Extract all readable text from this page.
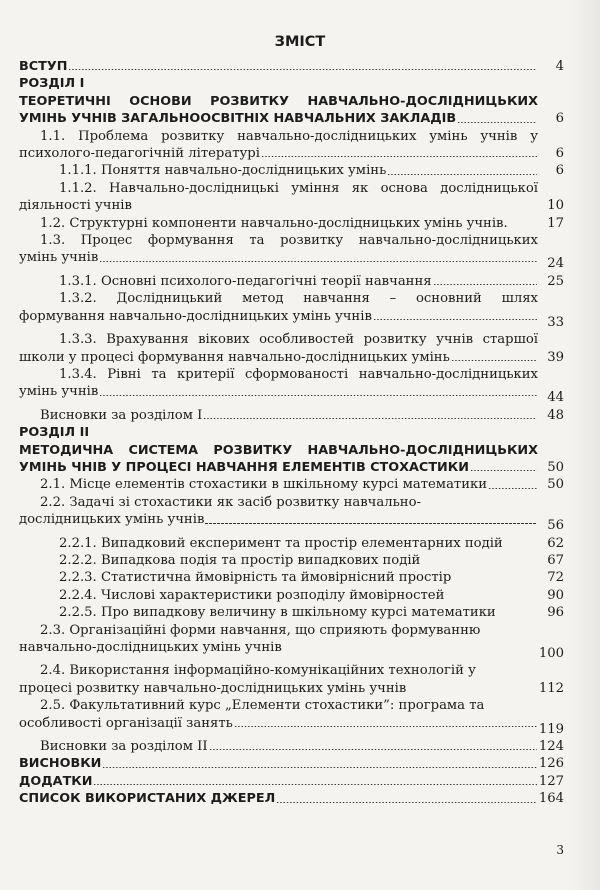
ЗМІСТ
ВСТУП	4
РОЗДІЛ І
ТЕОРЕТИЧНІ ОСНОВИ РОЗВИТКУ НАВЧАЛЬНО-ДОСЛІДНИЦЬКИХ
УМІНЬ УЧНІВ ЗАГАЛЬНООСВІТНІХ НАВЧАЛЬНИХ ЗАКЛАДІВ	6
1.1. Проблема розвитку навчально-дослідницьких умінь учнів у
психолого-педагогічній літературі	6
1.1.1. Поняття навчально-дослідницьких умінь	6
1.1.2. Навчально-дослідницькі уміння як основа дослідницької
діяльності учнів	10
1.2. Структурні компоненти навчально-дослідницьких умінь учнів.	17
1.3. Процес формування та розвитку навчально-дослідницьких
умінь учнів	24
1.3.1. Основні психолого-педагогічні теорії навчання	25
1.3.2. Дослідницький метод навчання – основний шлях
формування навчально-дослідницьких умінь учнів	33
1.3.3. Врахування вікових особливостей розвитку учнів старшої
школи у процесі формування навчально-дослідницьких умінь	39
1.3.4. Рівні та критерії сформованості навчально-дослідницьких
умінь учнів	44
Висновки за розділом І	48
РОЗДІЛ ІІ
МЕТОДИЧНА СИСТЕМА РОЗВИТКУ НАВЧАЛЬНО-ДОСЛІДНИЦЬКИХ
УМІНЬ ЧНІВ У ПРОЦЕСІ НАВЧАННЯ ЕЛЕМЕНТІВ СТОХАСТИКИ	50
2.1. Місце елементів стохастики в шкільному курсі математики	50
2.2. Задачі зі стохастики як засіб розвитку навчально-
дослідницьких умінь учнів	56
2.2.1. Випадковий експеримент та простір елементарних подій	62
2.2.2. Випадкова подія та простір випадкових подій	67
2.2.3. Статистична ймовірність та ймовірнісний простір	72
2.2.4. Числові характеристики розподілу ймовірностей	90
2.2.5. Про випадкову величину в шкільному курсі математики	96
2.3. Організаційні форми навчання, що сприяють формуванню
навчально-дослідницьких умінь учнів	100
2.4. Використання інформаційно-комунікаційних технологій у
процесі розвитку навчально-дослідницьких умінь учнів	112
2.5. Факультативний курс „Елементи стохастики”: програма та
особливості організації занять	119
Висновки за розділом ІІ	124
ВИСНОВКИ	126
ДОДАТКИ	127
СПИСОК ВИКОРИСТАНИХ ДЖЕРЕЛ	164
3
